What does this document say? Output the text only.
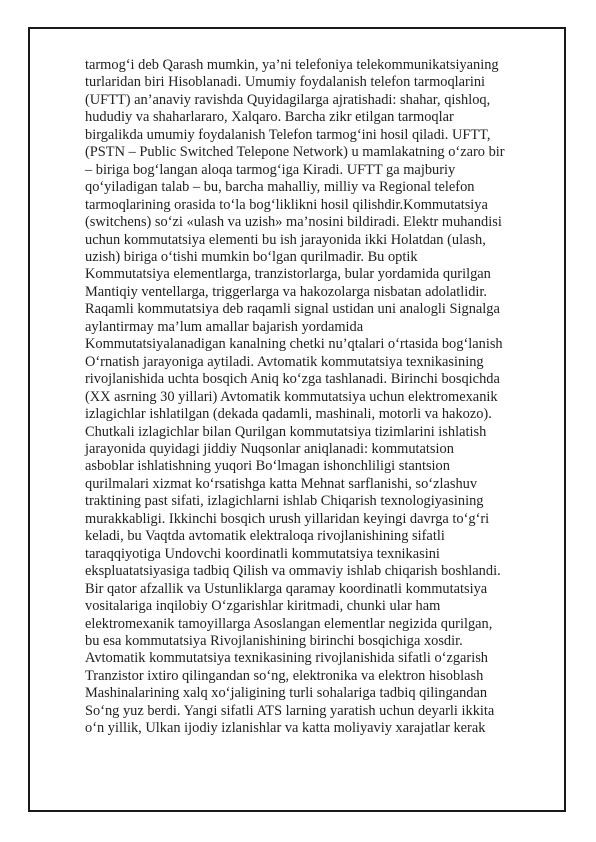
tarmog‘i deb Qarash mumkin, ya’ni telefoniya telekommunikatsiyaning
turlaridan biri Hisoblanadi. Umumiy foydalanish telefon tarmoqlarini
(UFTT) an’anaviy ravishda Quyidagilarga ajratishadi: shahar, qishloq,
hududiy va shaharlararo, Xalqaro. Barcha zikr etilgan tarmoqlar
birgalikda umumiy foydalanish Telefon tarmog‘ini hosil qiladi. UFTT,
(PSTN – Public Switched Telepone Network) u mamlakatning o‘zaro bir
– biriga bog‘langan aloqa tarmog‘iga Kiradi. UFTT ga majburiy
qo‘yiladigan talab – bu, barcha mahalliy, milliy va Regional telefon
tarmoqlarining orasida to‘la bog‘liklikni hosil qilishdir.Kommutatsiya
(switchens) so‘zi «ulash va uzish» ma’nosini bildiradi. Elektr muhandisi
uchun kommutatsiya elementi bu ish jarayonida ikki Holatdan (ulash,
uzish) biriga o‘tishi mumkin bo‘lgan qurilmadir. Bu optik
Kommutatsiya elementlarga, tranzistorlarga, bular yordamida qurilgan
Mantiqiy ventellarga, triggerlarga va hakozolarga nisbatan adolatlidir.
Raqamli kommutatsiya deb raqamli signal ustidan uni analogli Signalga
aylantirmay ma’lum amallar bajarish yordamida
Kommutatsiyalanadigan kanalning chetki nu’qtalari o‘rtasida bog‘lanish
O‘rnatish jarayoniga aytiladi. Avtomatik kommutatsiya texnikasining
rivojlanishida uchta bosqich Aniq ko‘zga tashlanadi. Birinchi bosqichda
(XX asrning 30 yillari) Avtomatik kommutatsiya uchun elektromexanik
izlagichlar ishlatilgan (dekada qadamli, mashinali, motorli va hakozo).
Chutkali izlagichlar bilan Qurilgan kommutatsiya tizimlarini ishlatish
jarayonida quyidagi jiddiy Nuqsonlar aniqlanadi: kommutatsion
asboblar ishlatishning yuqori Bo‘lmagan ishonchliligi stantsion
qurilmalari xizmat ko‘rsatishga katta Mehnat sarflanishi, so‘zlashuv
traktining past sifati, izlagichlarni ishlab Chiqarish texnologiyasining
murakkabligi. Ikkinchi bosqich urush yillaridan keyingi davrga to‘g‘ri
keladi, bu Vaqtda avtomatik elektraloqa rivojlanishining sifatli
taraqqiyotiga Undovchi koordinatli kommutatsiya texnikasini
ekspluatatsiyasiga tadbiq Qilish va ommaviy ishlab chiqarish boshlandi.
Bir qator afzallik va Ustunliklarga qaramay koordinatli kommutatsiya
vositalariga inqilobiy O‘zgarishlar kiritmadi, chunki ular ham
elektromexanik tamoyillarga Asoslangan elementlar negizida qurilgan,
bu esa kommutatsiya Rivojlanishining birinchi bosqichiga xosdir.
Avtomatik kommutatsiya texnikasining rivojlanishida sifatli o‘zgarish
Tranzistor ixtiro qilingandan so‘ng, elektronika va elektron hisoblash
Mashinalarining xalq xo‘jaligining turli sohalariga tadbiq qilingandan
So‘ng yuz berdi. Yangi sifatli ATS larning yaratish uchun deyarli ikkita
o‘n yillik, Ulkan ijodiy izlanishlar va katta moliyaviy xarajatlar kerak
